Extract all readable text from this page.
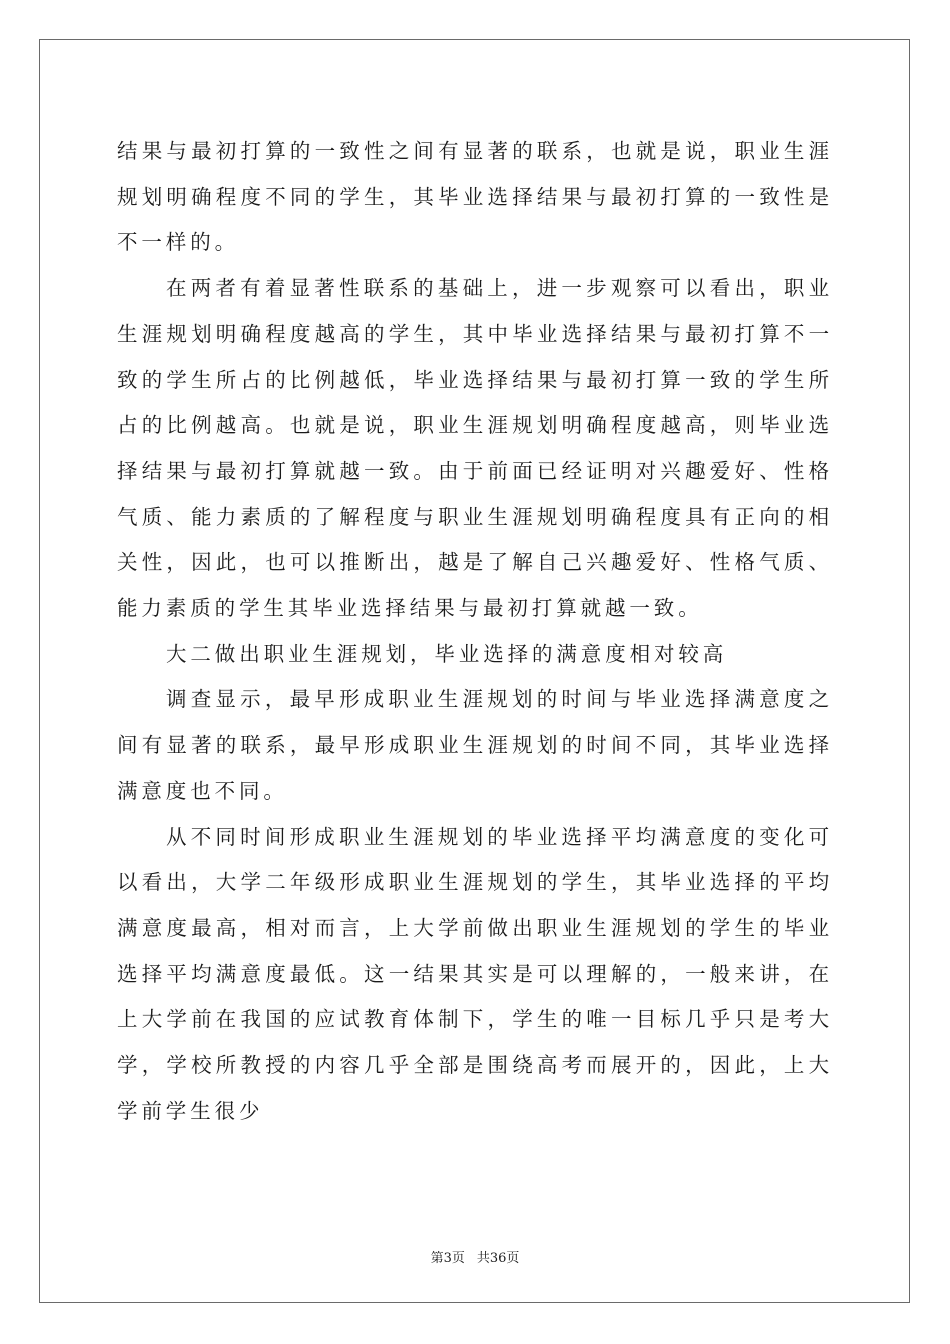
结果与最初打算的一致性之间有显著的联系，也就是说，职业生涯规划明确程度不同的学生，其毕业选择结果与最初打算的一致性是不一样的。

在两者有着显著性联系的基础上，进一步观察可以看出，职业生涯规划明确程度越高的学生，其中毕业选择结果与最初打算不一致的学生所占的比例越低，毕业选择结果与最初打算一致的学生所占的比例越高。也就是说，职业生涯规划明确程度越高，则毕业选择结果与最初打算就越一致。由于前面已经证明对兴趣爱好、性格气质、能力素质的了解程度与职业生涯规划明确程度具有正向的相关性，因此，也可以推断出，越是了解自己兴趣爱好、性格气质、能力素质的学生其毕业选择结果与最初打算就越一致。

大二做出职业生涯规划，毕业选择的满意度相对较高

调查显示，最早形成职业生涯规划的时间与毕业选择满意度之间有显著的联系，最早形成职业生涯规划的时间不同，其毕业选择满意度也不同。

从不同时间形成职业生涯规划的毕业选择平均满意度的变化可以看出，大学二年级形成职业生涯规划的学生，其毕业选择的平均满意度最高，相对而言，上大学前做出职业生涯规划的学生的毕业选择平均满意度最低。这一结果其实是可以理解的，一般来讲，在上大学前在我国的应试教育体制下，学生的唯一目标几乎只是考大学，学校所教授的内容几乎全部是围绕高考而展开的，因此，上大学前学生很少

第3页 共36页
